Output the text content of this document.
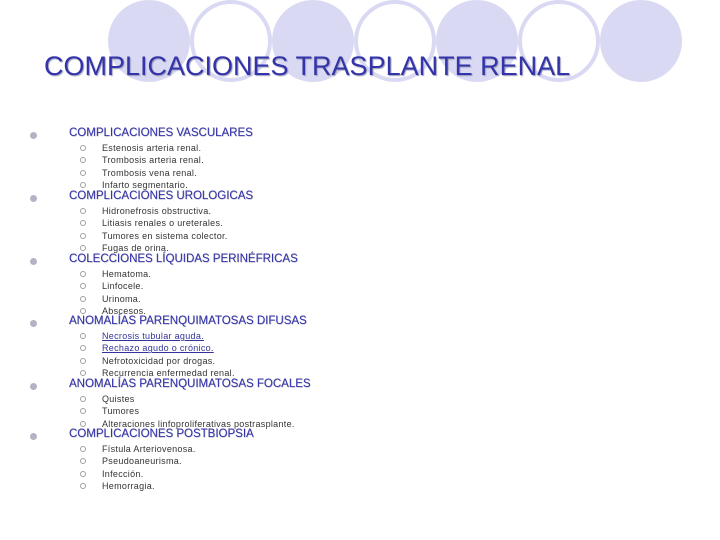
COMPLICACIONES TRASPLANTE RENAL
COMPLICACIONES VASCULARES
Estenosis arteria renal.
Trombosis arteria renal.
Trombosis vena renal.
Infarto segmentario.
COMPLICACIONES UROLOGICAS
Hidronefrosis obstructiva.
Litiasis renales o ureterales.
Tumores en sistema colector.
Fugas de orina.
COLECCIONES LÍQUIDAS PERINÉFRICAS
Hematoma.
Linfocele.
Urinoma.
Abscesos.
ANOMALÍAS PARENQUIMATOSAS DIFUSAS
Necrosis tubular aguda.
Rechazo agudo o crónico.
Nefrotoxicidad por drogas.
Recurrencia enfermedad renal.
ANOMALÍAS PARENQUIMATOSAS FOCALES
Quistes
Tumores
Alteraciones linfoproliferativas postrasplante.
COMPLICACIONES POSTBIOPSIA
Fístula Arteriovenosa.
Pseudoaneurisma.
Infección.
Hemorragia.
